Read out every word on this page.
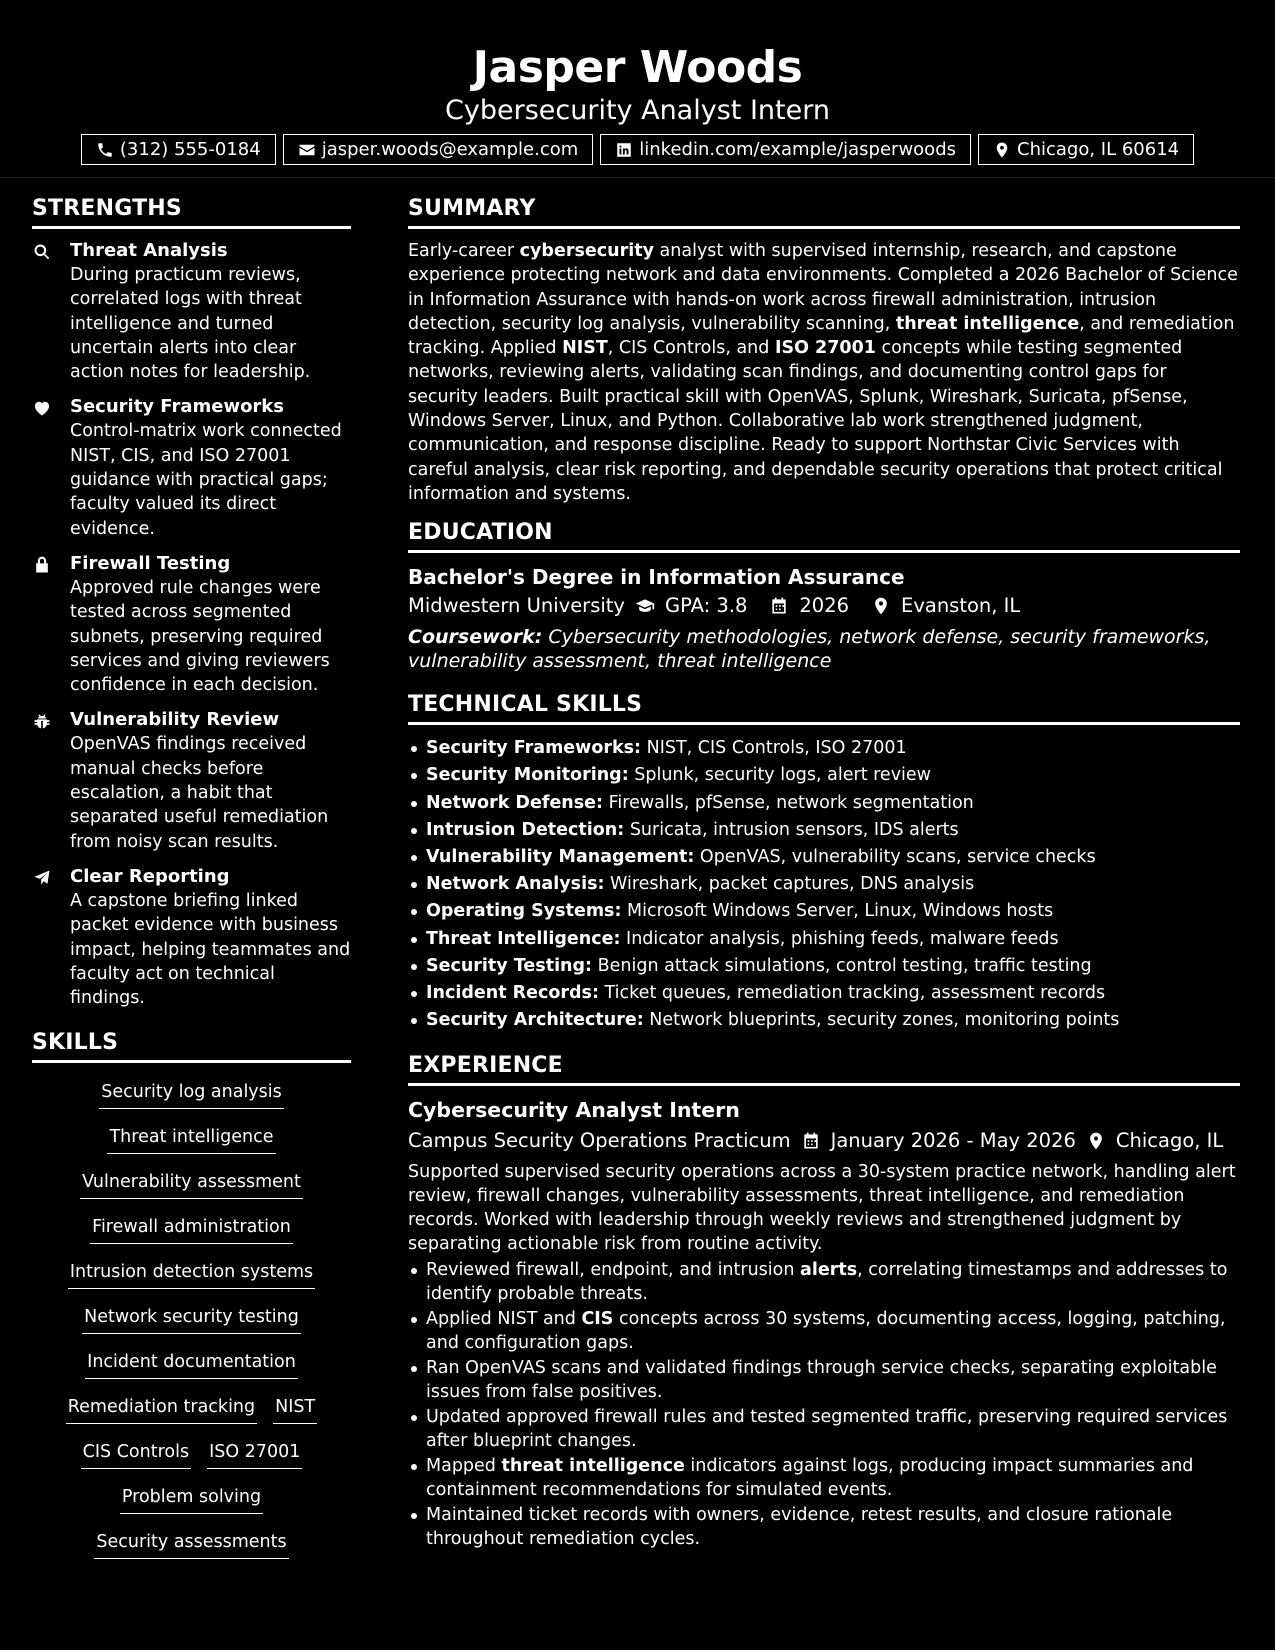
Jasper Woods
Cybersecurity Analyst Intern
(312) 555-0184	jasper.woods@example.com	linkedin.com/example/jasperwoods	Chicago, IL 60614
STRENGTHS
Threat Analysis
During practicum reviews, correlated logs with threat intelligence and turned uncertain alerts into clear action notes for leadership.
Security Frameworks
Control-matrix work connected NIST, CIS, and ISO 27001 guidance with practical gaps; faculty valued its direct evidence.
Firewall Testing
Approved rule changes were tested across segmented subnets, preserving required services and giving reviewers confidence in each decision.
Vulnerability Review
OpenVAS findings received manual checks before escalation, a habit that separated useful remediation from noisy scan results.
Clear Reporting
A capstone briefing linked packet evidence with business impact, helping teammates and faculty act on technical findings.
SKILLS
Security log analysis
Threat intelligence
Vulnerability assessment
Firewall administration
Intrusion detection systems
Network security testing
Incident documentation
Remediation tracking NIST
CIS Controls ISO 27001
Problem solving
Security assessments
SUMMARY
Early-career cybersecurity analyst with supervised internship, research, and capstone experience protecting network and data environments. Completed a 2026 Bachelor of Science in Information Assurance with hands-on work across firewall administration, intrusion detection, security log analysis, vulnerability scanning, threat intelligence, and remediation tracking. Applied NIST, CIS Controls, and ISO 27001 concepts while testing segmented networks, reviewing alerts, validating scan findings, and documenting control gaps for security leaders. Built practical skill with OpenVAS, Splunk, Wireshark, Suricata, pfSense, Windows Server, Linux, and Python. Collaborative lab work strengthened judgment, communication, and response discipline. Ready to support Northstar Civic Services with careful analysis, clear risk reporting, and dependable security operations that protect critical information and systems.
EDUCATION
Bachelor's Degree in Information Assurance
Midwestern University GPA: 3.8	2026	Evanston, IL
Coursework: Cybersecurity methodologies, network defense, security frameworks, vulnerability assessment, threat intelligence
TECHNICAL SKILLS
Security Frameworks: NIST, CIS Controls, ISO 27001
Security Monitoring: Splunk, security logs, alert review
Network Defense: Firewalls, pfSense, network segmentation
Intrusion Detection: Suricata, intrusion sensors, IDS alerts
Vulnerability Management: OpenVAS, vulnerability scans, service checks
Network Analysis: Wireshark, packet captures, DNS analysis
Operating Systems: Microsoft Windows Server, Linux, Windows hosts
Threat Intelligence: Indicator analysis, phishing feeds, malware feeds
Security Testing: Benign attack simulations, control testing, traffic testing
Incident Records: Ticket queues, remediation tracking, assessment records
Security Architecture: Network blueprints, security zones, monitoring points
EXPERIENCE
Cybersecurity Analyst Intern
Campus Security Operations Practicum January 2026 - May 2026 Chicago, IL
Supported supervised security operations across a 30-system practice network, handling alert review, firewall changes, vulnerability assessments, threat intelligence, and remediation records. Worked with leadership through weekly reviews and strengthened judgment by separating actionable risk from routine activity.
Reviewed firewall, endpoint, and intrusion alerts, correlating timestamps and addresses to identify probable threats.
Applied NIST and CIS concepts across 30 systems, documenting access, logging, patching, and configuration gaps.
Ran OpenVAS scans and validated findings through service checks, separating exploitable issues from false positives.
Updated approved firewall rules and tested segmented traffic, preserving required services after blueprint changes.
Mapped threat intelligence indicators against logs, producing impact summaries and containment recommendations for simulated events.
Maintained ticket records with owners, evidence, retest results, and closure rationale throughout remediation cycles.
